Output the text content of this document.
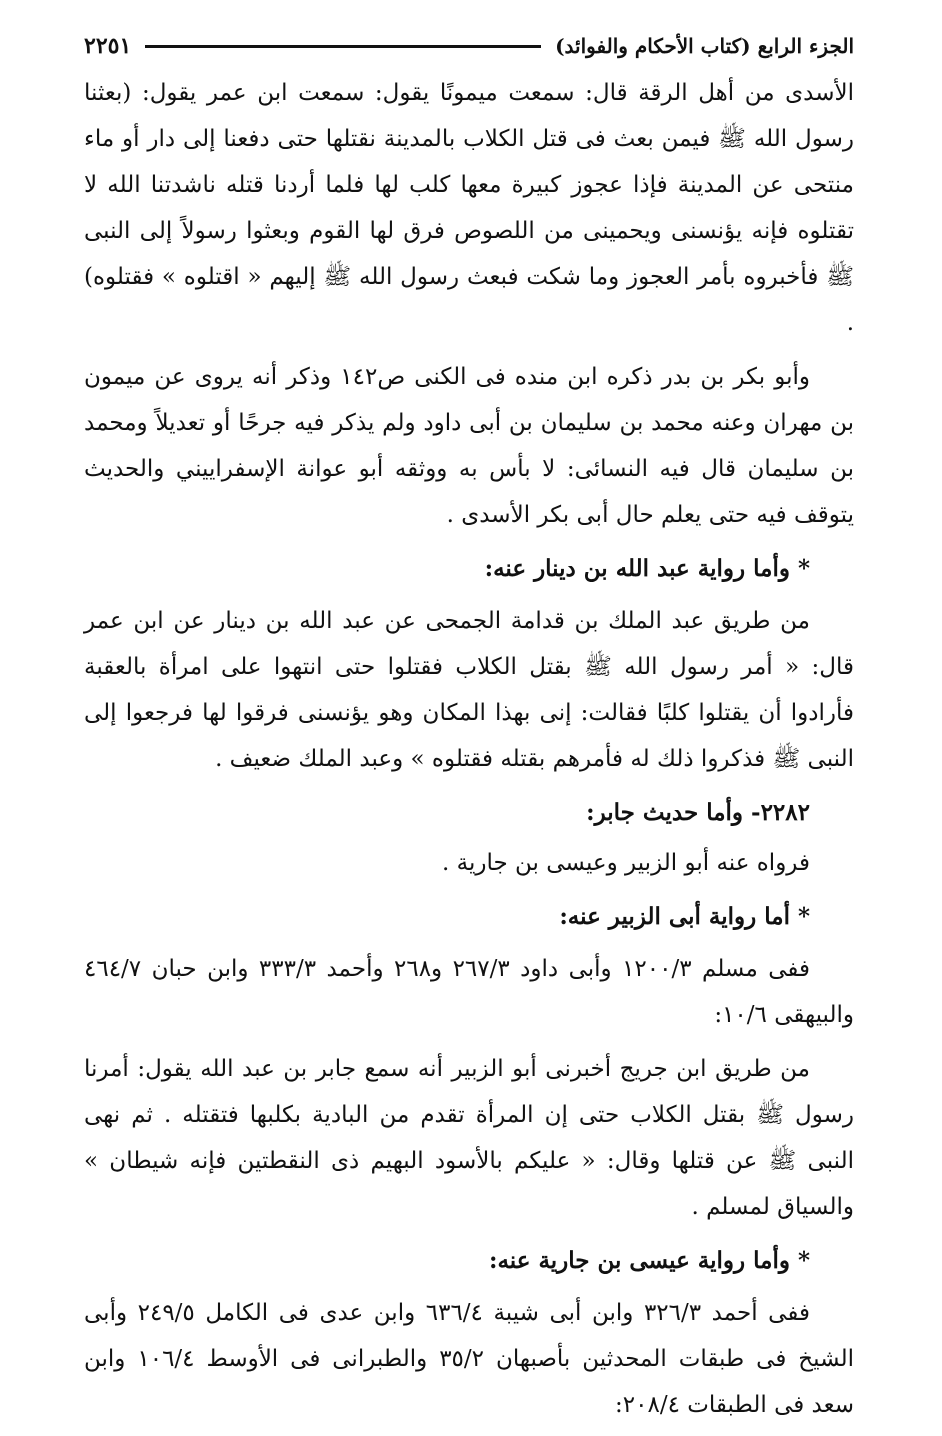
الجزء الرابع (كتاب الأحكام والفوائد)
٢٢٥١

الأسدى من أهل الرقة قال: سمعت ميمونًا يقول: سمعت ابن عمر يقول: (بعثنا رسول الله ﷺ فيمن بعث فى قتل الكلاب بالمدينة نقتلها حتى دفعنا إلى دار أو ماء منتحى عن المدينة فإذا عجوز كبيرة معها كلب لها فلما أردنا قتله ناشدتنا الله لا تقتلوه فإنه يؤنسنى ويحمينى من اللصوص فرق لها القوم وبعثوا رسولاً إلى النبى ﷺ فأخبروه بأمر العجوز وما شكت فبعث رسول الله ﷺ إليهم « اقتلوه » فقتلوه) .

وأبو بكر بن بدر ذكره ابن منده فى الكنى ص١٤٢ وذكر أنه يروى عن ميمون بن مهران وعنه محمد بن سليمان بن أبى داود ولم يذكر فيه جرحًا أو تعديلاً ومحمد بن سليمان قال فيه النسائى: لا بأس به ووثقه أبو عوانة الإسفراييني والحديث يتوقف فيه حتى يعلم حال أبى بكر الأسدى .

* وأما رواية عبد الله بن دينار عنه:

من طريق عبد الملك بن قدامة الجمحى عن عبد الله بن دينار عن ابن عمر قال: « أمر رسول الله ﷺ بقتل الكلاب فقتلوا حتى انتهوا على امرأة بالعقبة فأرادوا أن يقتلوا كلبًا فقالت: إنى بهذا المكان وهو يؤنسنى فرقوا لها فرجعوا إلى النبى ﷺ فذكروا ذلك له فأمرهم بقتله فقتلوه » وعبد الملك ضعيف .

٢٢٨٢- وأما حديث جابر:

فرواه عنه أبو الزبير وعيسى بن جارية .

* أما رواية أبى الزبير عنه:

ففى مسلم ١٢٠٠/٣ وأبى داود ٢٦٧/٣ و٢٦٨ وأحمد ٣٣٣/٣ وابن حبان ٤٦٤/٧ والبيهقى ١٠/٦:

من طريق ابن جريج أخبرنى أبو الزبير أنه سمع جابر بن عبد الله يقول: أمرنا رسول ﷺ بقتل الكلاب حتى إن المرأة تقدم من البادية بكلبها فتقتله . ثم نهى النبى ﷺ عن قتلها وقال: « عليكم بالأسود البهيم ذى النقطتين فإنه شيطان » والسياق لمسلم .

* وأما رواية عيسى بن جارية عنه:

ففى أحمد ٣٢٦/٣ وابن أبى شيبة ٦٣٦/٤ وابن عدى فى الكامل ٢٤٩/٥ وأبى الشيخ فى طبقات المحدثين بأصبهان ٣٥/٢ والطبرانى فى الأوسط ١٠٦/٤ وابن سعد فى الطبقات ٢٠٨/٤:
